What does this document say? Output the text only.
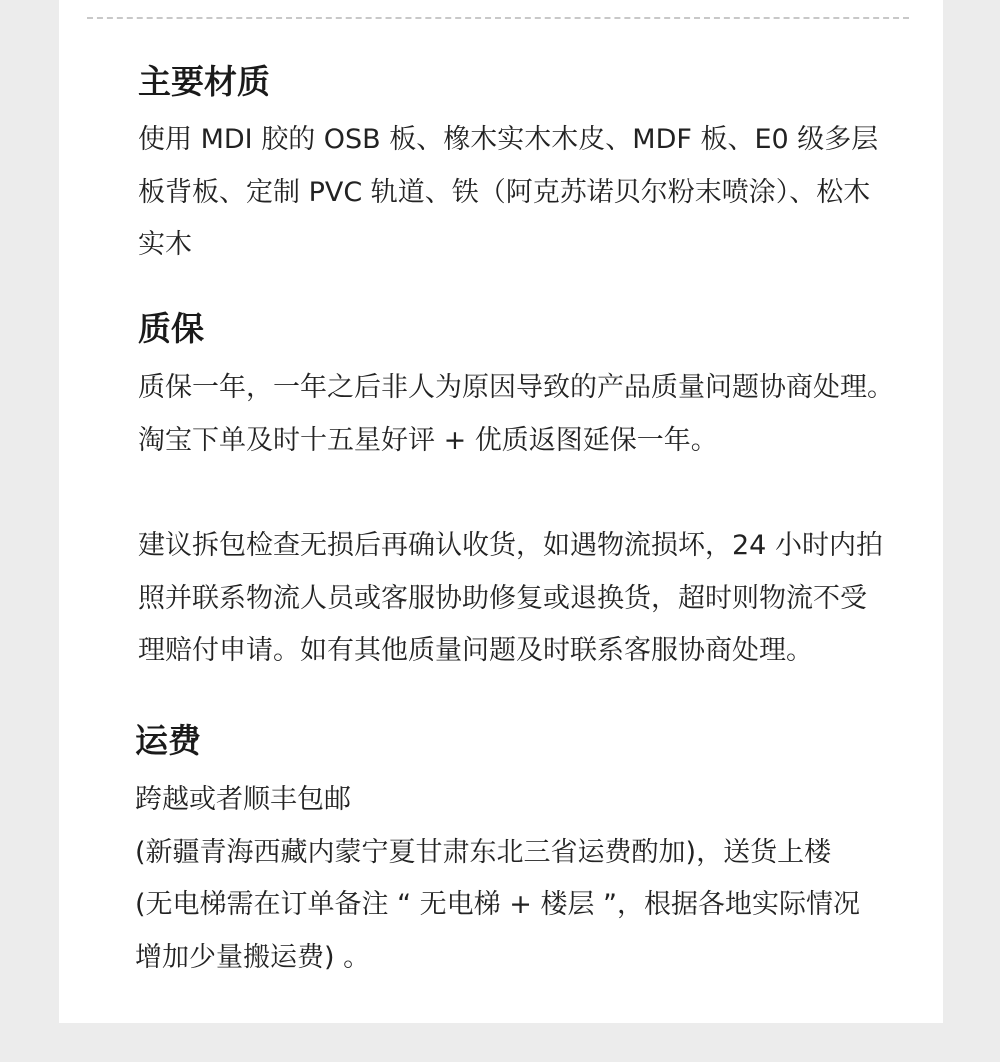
主要材质
使用 MDI 胶的 OSB 板、橡木实木木皮、MDF 板、E0 级多层
板背板、定制 PVC 轨道、铁（阿克苏诺贝尔粉末喷涂）、松木
实木
质保
质保一年，一年之后非人为原因导致的产品质量问题协商处理。
淘宝下单及时十五星好评 + 优质返图延保一年。
建议拆包检查无损后再确认收货，如遇物流损坏，24 小时内拍
照并联系物流人员或客服协助修复或退换货，超时则物流不受
理赔付申请。如有其他质量问题及时联系客服协商处理。
运费
跨越或者顺丰包邮
(新疆青海西藏内蒙宁夏甘肃东北三省运费酌加)，送货上楼
(无电梯需在订单备注 “ 无电梯 + 楼层 ”，根据各地实际情况
增加少量搬运费) 。
